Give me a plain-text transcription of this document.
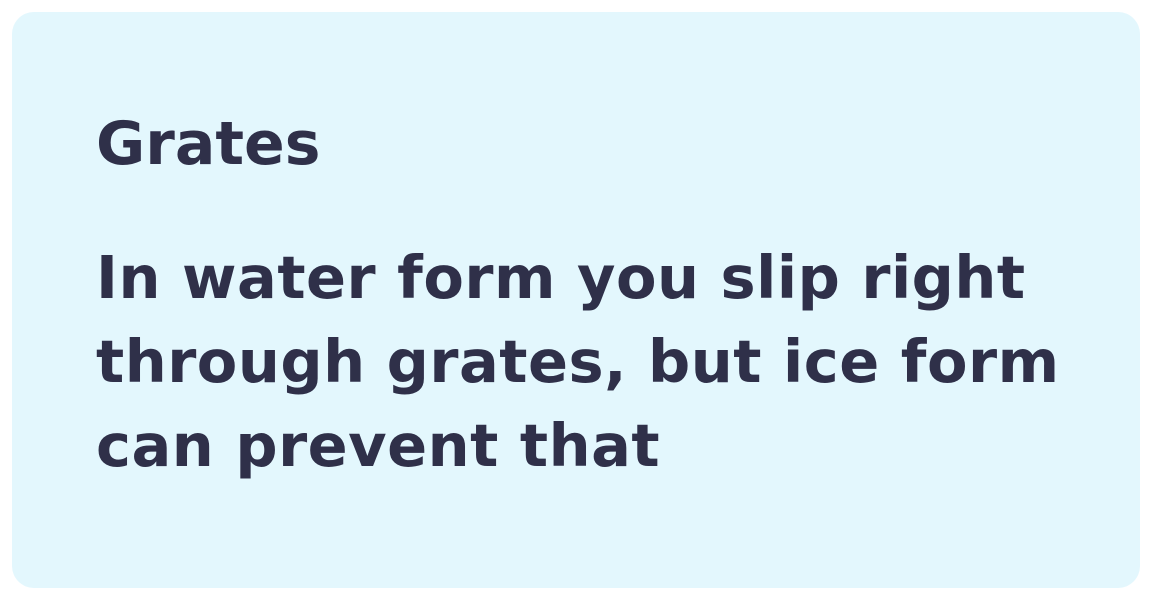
Grates

In water form you slip right
through grates, but ice form
can prevent that
